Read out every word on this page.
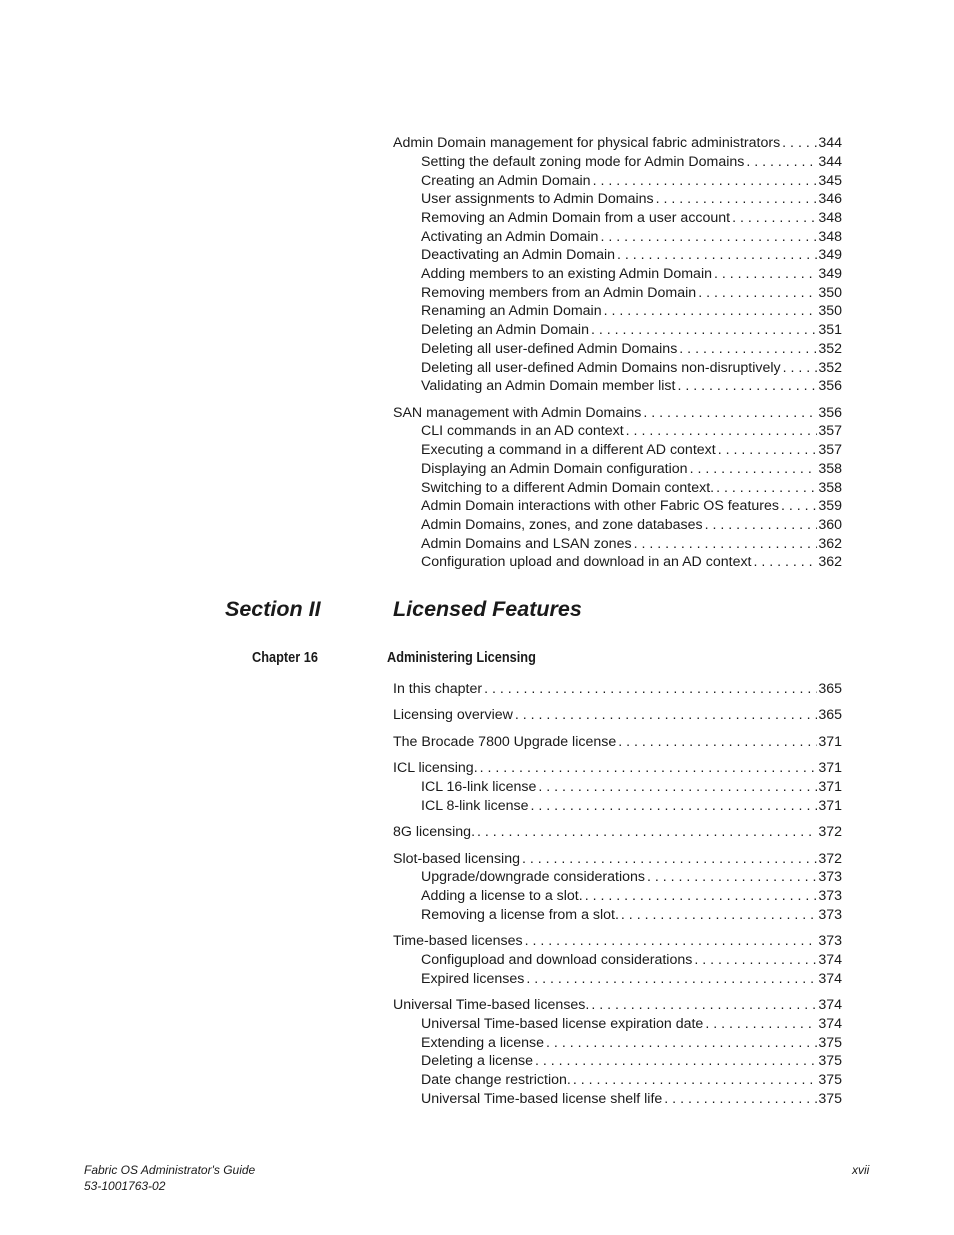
Admin Domain management for physical fabric administrators . . .	344
Setting the default zoning mode for Admin Domains . . .	344
Creating an Admin Domain . . .	345
User assignments to Admin Domains . . .	346
Removing an Admin Domain from a user account . . .	348
Activating an Admin Domain . . .	348
Deactivating an Admin Domain . . .	349
Adding members to an existing Admin Domain . . .	349
Removing members from an Admin Domain . . .	350
Renaming an Admin Domain . . .	350
Deleting an Admin Domain . . .	351
Deleting all user-defined Admin Domains . . .	352
Deleting all user-defined Admin Domains non-disruptively . . .	352
Validating an Admin Domain member list . . .	356
SAN management with Admin Domains . . .	356
CLI commands in an AD context . . .	357
Executing a command in a different AD context . . .	357
Displaying an Admin Domain configuration . . .	358
Switching to a different Admin Domain context. . . .	358
Admin Domain interactions with other Fabric OS features . . .	359
Admin Domains, zones, and zone databases . . .	360
Admin Domains and LSAN zones . . .	362
Configuration upload and download in an AD context . . .	362
Section II	Licensed Features
Chapter 16	Administering Licensing
In this chapter . . .	365
Licensing overview . . .	365
The Brocade 7800 Upgrade license . . .	371
ICL licensing. . . .	371
ICL 16-link license . . .	371
ICL 8-link license . . .	371
8G licensing. . . .	372
Slot-based licensing . . .	372
Upgrade/downgrade considerations . . .	373
Adding a license to a slot. . . .	373
Removing a license from a slot. . . .	373
Time-based licenses . . .	373
Configupload and download considerations . . .	374
Expired licenses . . .	374
Universal Time-based licenses. . . .	374
Universal Time-based license expiration date . . .	374
Extending a license . . .	375
Deleting a license . . .	375
Date change restriction. . . .	375
Universal Time-based license shelf life . . .	375
Fabric OS Administrator's Guide
53-1001763-02
xvii
